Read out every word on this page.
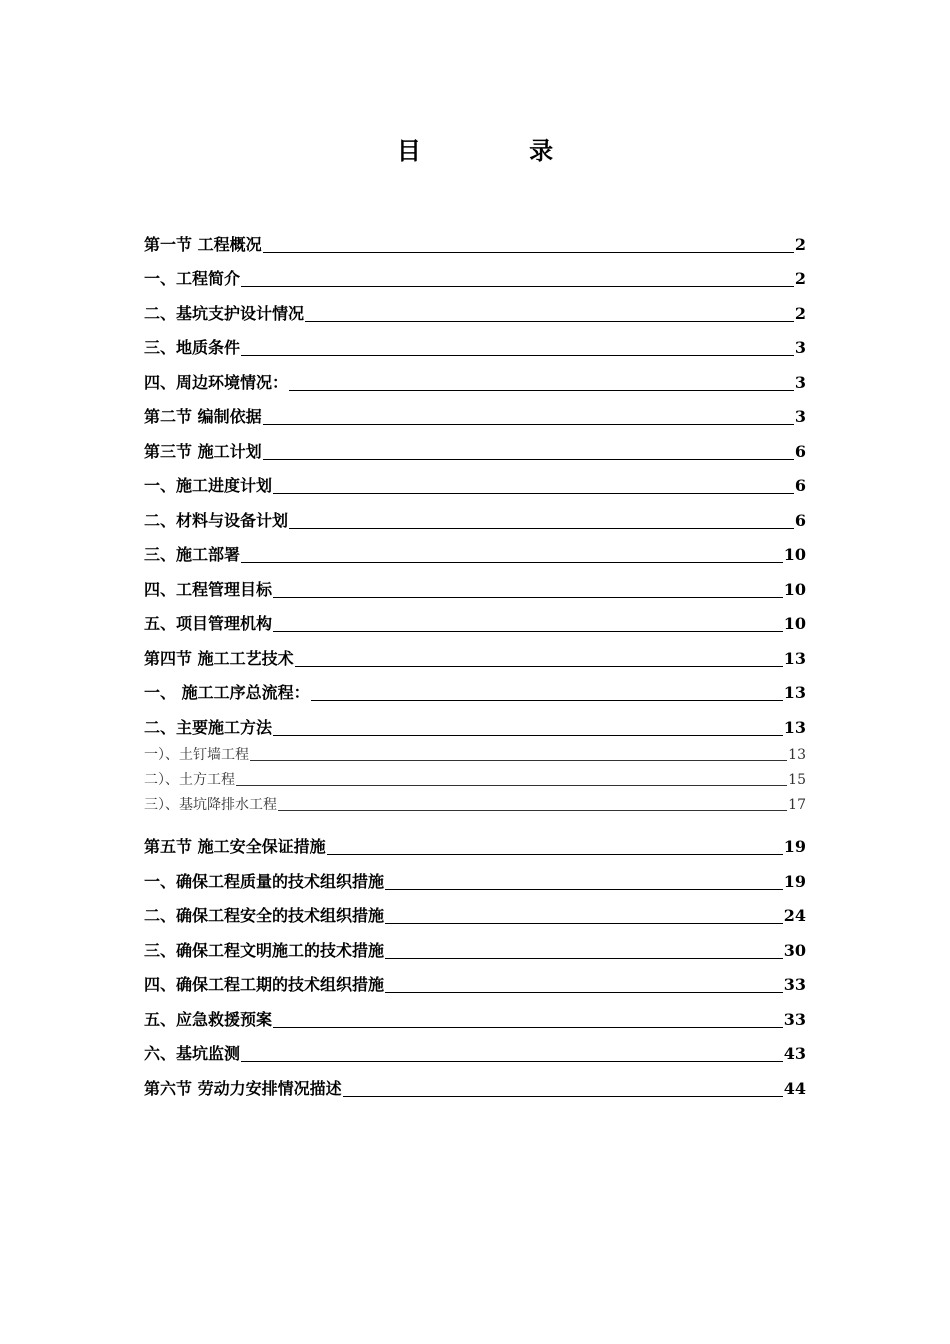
目 录
第一节 工程概况	2
一、工程简介	2
二、基坑支护设计情况	2
三、地质条件	3
四、周边环境情况：	3
第二节 编制依据	3
第三节 施工计划	6
一、施工进度计划	6
二、材料与设备计划	6
三、施工部署	10
四、工程管理目标	10
五、项目管理机构	10
第四节 施工工艺技术	13
一、 施工工序总流程：	13
二、主要施工方法	13
一）、土钉墙工程	13
二）、土方工程	15
三）、基坑降排水工程	17
第五节 施工安全保证措施	19
一、确保工程质量的技术组织措施	19
二、确保工程安全的技术组织措施	24
三、确保工程文明施工的技术措施	30
四、确保工程工期的技术组织措施	33
五、应急救援预案	33
六、基坑监测	43
第六节 劳动力安排情况描述	44
